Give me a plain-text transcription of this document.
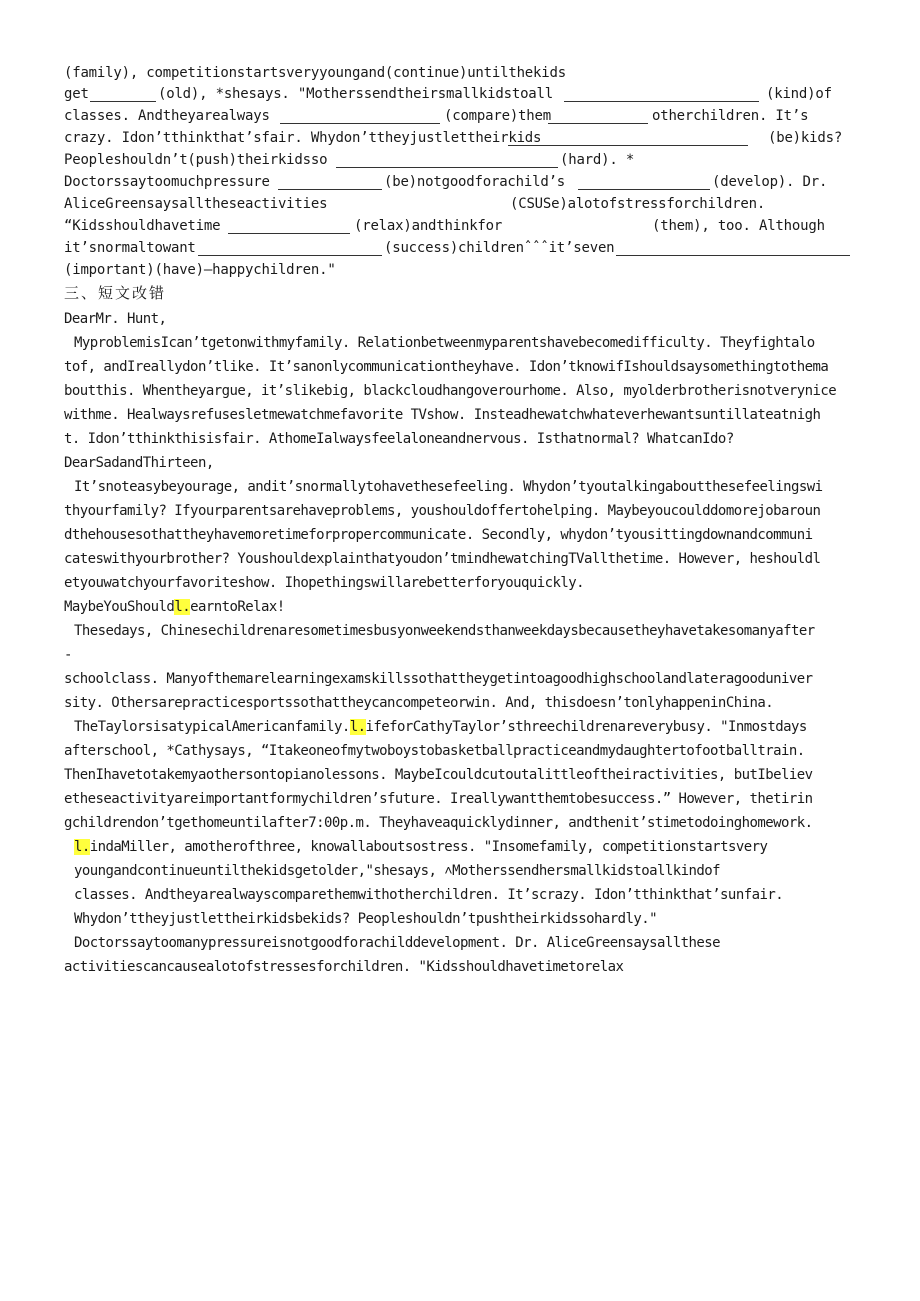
(family), competitionstartsveryyoungand(continue)untilthekids
get	(old), *shesays. "Motherssendtheirsmallkidstoall	(kind)of
classes. Andtheyarealways	(compare)them	otherchildren. It’s
crazy. Idon’tthinkthat’sfair. Whydon’ttheyjustlettheirkids	(be)kids?
Peopleshouldn’t(push)theirkidsso	(hard). *
Doctorssaytoomuchpressure	(be)notgoodforachild’s	(develop). Dr.
AliceGreensaysalltheseactivities	(CSUSe)alotofstressforchildren.
“Kidsshouldhavetime	(relax)andthinkfor	(them), too. Although
it’snormaltowant	(success)childrenˆˆˆit’seven
(important)(have)—happychildren."
三、短文改错
DearMr. Hunt,
MyproblemisIcan’tgetonwithmyfamily. Relationbetweenmyparentshavebecomedifficulty. Theyfightalo
tof, andIreallydon’tlike. It’sanonlycommunicationtheyhave. Idon’tknowifIshouldsaysomethingtothema
boutthis. Whentheyargue, it’slikebig, blackcloudhangoverourhome. Also, myolderbrotherisnotverynice
withme. Healwaysrefusesletmewatchmefavorite TVshow. Insteadhewatchwhateverhewantsuntillateatnigh
t. Idon’tthinkthisisfair. AthomeIalwaysfeelaloneandnervous. Isthatnormal? WhatcanIdo?
DearSadandThirteen,
It’snoteasybeyourage, andit’snormallytohavethesefeeling. Whydon’tyoutalkingaboutthesefeelingswi
thyourfamily? Ifyourparentsarehaveproblems, youshouldoffertohelping. Maybeyoucoulddomorejobaroun
dthehousesothattheyhavemoretimeforpropercommunicate. Secondly, whydon’tyousittingdownandcommuni
cateswithyourbrother? Youshouldexplainthatyoudon’tmindhewatchingTVallthetime. However, heshouldl
etyouwatchyourfavoriteshow. Ihopethingswillarebetterforyouquickly.
MaybeYouShouldl.earntoRelax!
Thesedays, Chinesechildrenaresometimesbusyonweekendsthanweekdaysbecausetheyhavetakesomanyafter
-
schoolclass. Manyofthemarelearningexamskillssothattheygetintoagoodhighschoolandlateragooduniver
sity. Othersarepracticesportssothattheycancompeteorwin. And, thisdoesn’tonlyhappeninChina.
TheTaylorsisatypicalAmericanfamily.l.ifeforCathyTaylor’sthreechildrenareverybusy. "Inmostdays
afterschool, *Cathysays, “Itakeoneofmytwoboystobasketballpracticeandmydaughtertofootballtrain.
ThenIhavetotakemyaothersontopianolessons. MaybeIcouldcutoutalittleoftheiractivities, butIbeliev
etheseactivityareimportantformychildren’sfuture. Ireallywantthemtobesuccess.” However, thetirin
gchildrendon’tgethomeuntilafter7:00p.m. Theyhaveaquicklydinner, andthenit’stimetodoinghomework.
l.indaMiller, amotherofthree, knowallaboutsostress. "Insomefamily, competitionstartsvery
youngandcontinueuntilthekidsgetolder,"shesays, ˄Motherssendhersmallkidstoallkindof
classes. Andtheyarealwayscomparethemwithotherchildren. It’scrazy. Idon’tthinkthat’sunfair.
Whydon’ttheyjustlettheirkidsbekids? Peopleshouldn’tpushtheirkidssohardly."
Doctorssaytoomanypressureisnotgoodforachilddevelopment. Dr. AliceGreensaysallthese
activitiescancausealotofstressesforchildren. "Kidsshouldhavetimetorelax
